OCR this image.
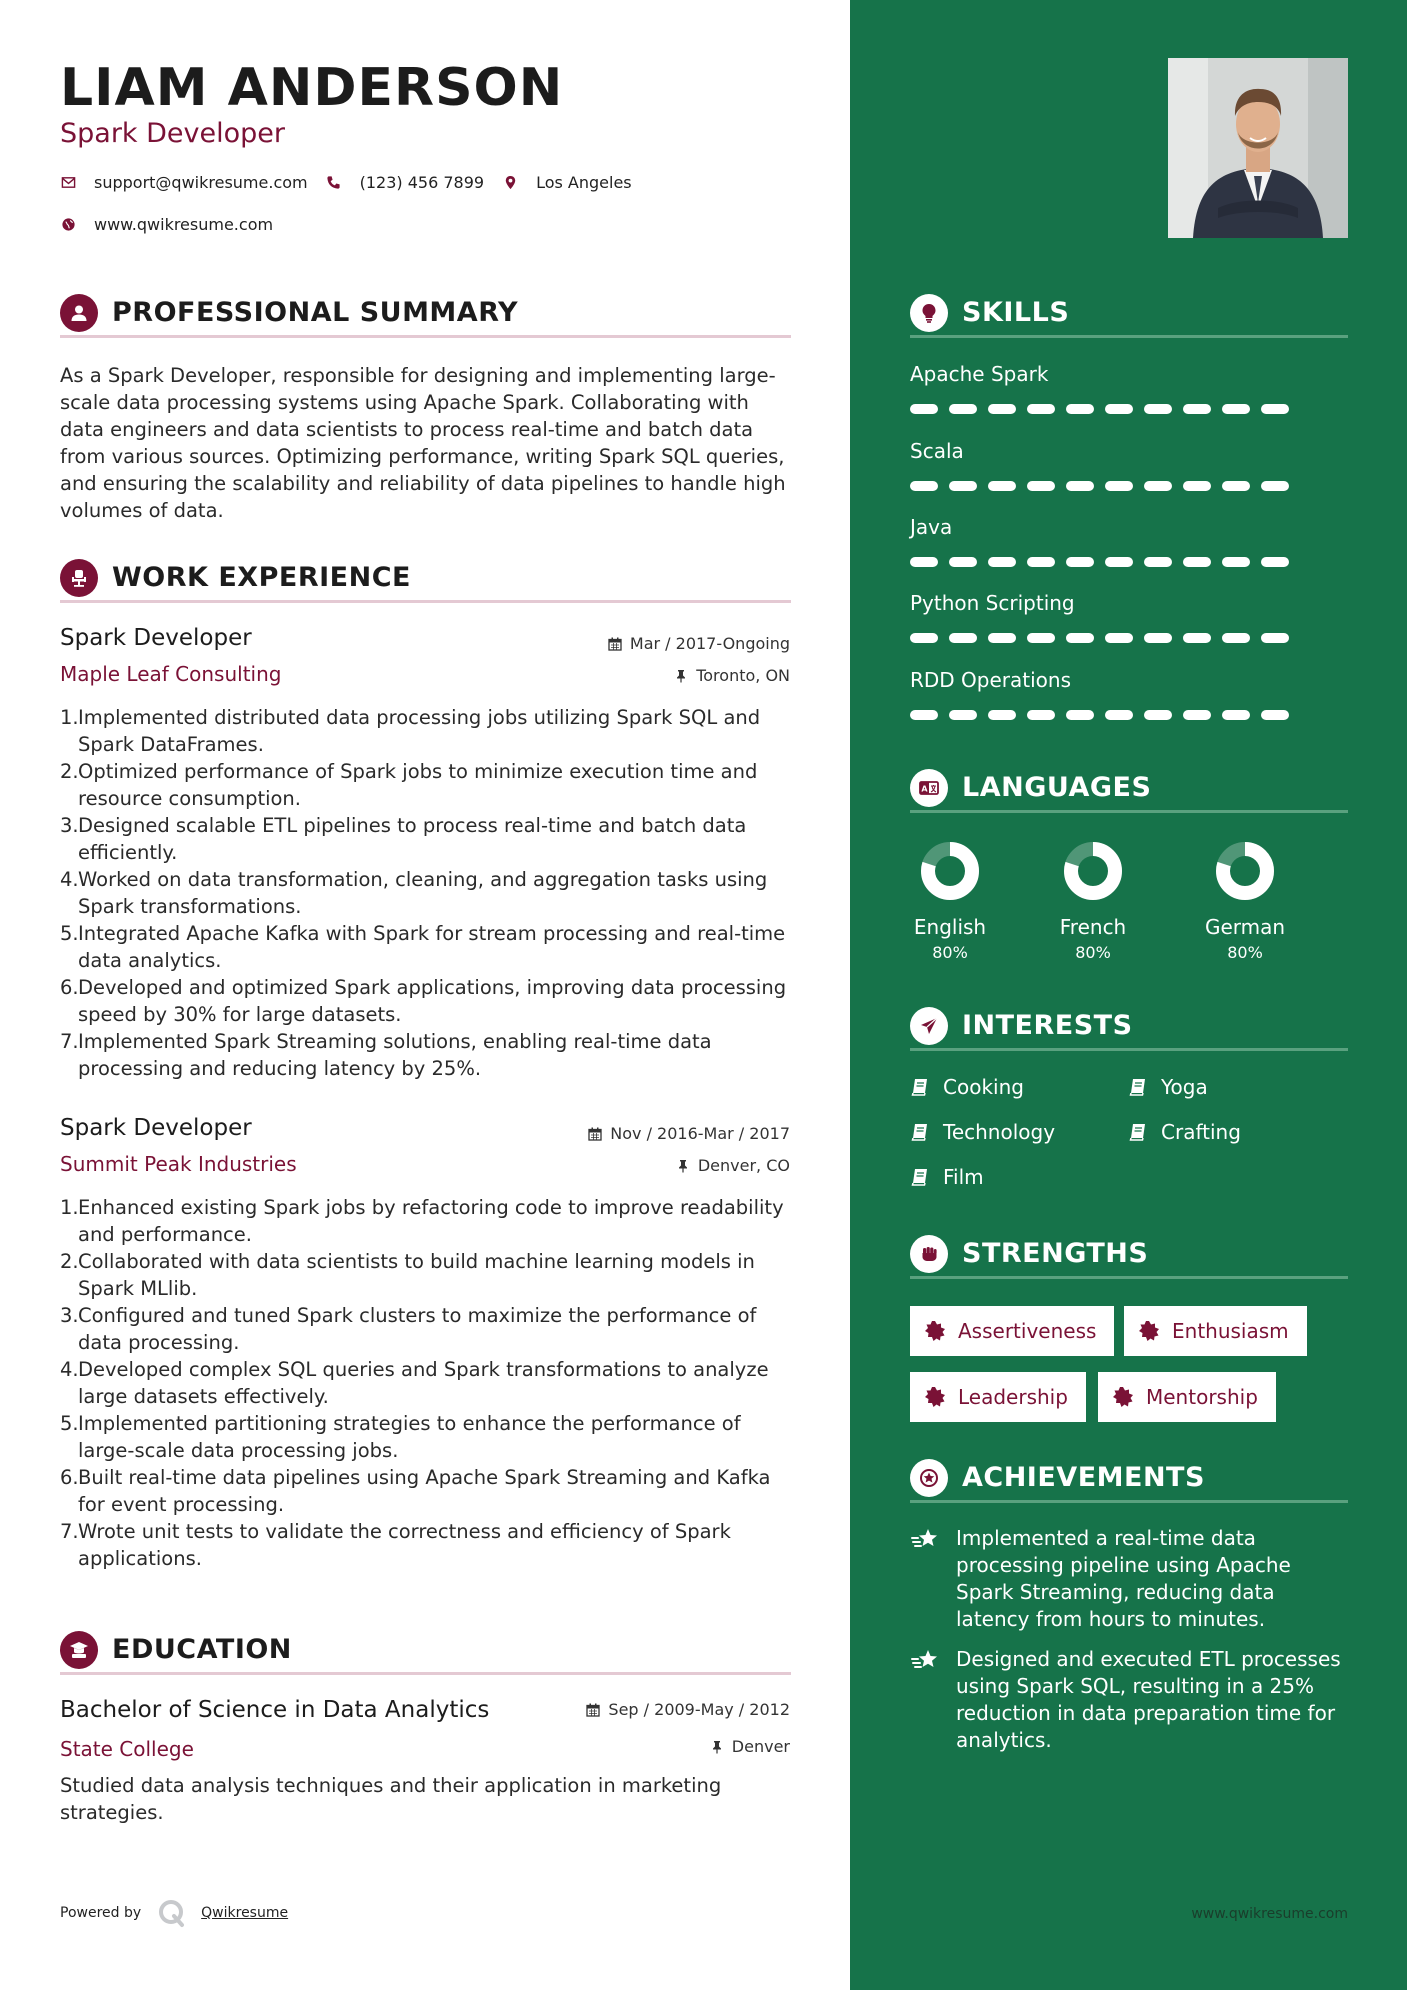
LIAM ANDERSON
Spark Developer
support@qwikresume.com	(123) 456 7899	Los Angeles
www.qwikresume.com
PROFESSIONAL SUMMARY
As a Spark Developer, responsible for designing and implementing large-scale data processing systems using Apache Spark. Collaborating with data engineers and data scientists to process real-time and batch data from various sources. Optimizing performance, writing Spark SQL queries, and ensuring the scalability and reliability of data pipelines to handle high volumes of data.
WORK EXPERIENCE
Spark Developer	Mar / 2017-Ongoing
Maple Leaf Consulting	Toronto, ON
1. Implemented distributed data processing jobs utilizing Spark SQL and Spark DataFrames.
2. Optimized performance of Spark jobs to minimize execution time and resource consumption.
3. Designed scalable ETL pipelines to process real-time and batch data efficiently.
4. Worked on data transformation, cleaning, and aggregation tasks using Spark transformations.
5. Integrated Apache Kafka with Spark for stream processing and real-time data analytics.
6. Developed and optimized Spark applications, improving data processing speed by 30% for large datasets.
7. Implemented Spark Streaming solutions, enabling real-time data processing and reducing latency by 25%.
Spark Developer	Nov / 2016-Mar / 2017
Summit Peak Industries	Denver, CO
1. Enhanced existing Spark jobs by refactoring code to improve readability and performance.
2. Collaborated with data scientists to build machine learning models in Spark MLlib.
3. Configured and tuned Spark clusters to maximize the performance of data processing.
4. Developed complex SQL queries and Spark transformations to analyze large datasets effectively.
5. Implemented partitioning strategies to enhance the performance of large-scale data processing jobs.
6. Built real-time data pipelines using Apache Spark Streaming and Kafka for event processing.
7. Wrote unit tests to validate the correctness and efficiency of Spark applications.
EDUCATION
Bachelor of Science in Data Analytics	Sep / 2009-May / 2012
State College	Denver
Studied data analysis techniques and their application in marketing strategies.
Powered by	Qwikresume
SKILLS
Apache Spark
Scala
Java
Python Scripting
RDD Operations
A LANGUAGES
English
80%
French
80%
German
80%
INTERESTS
Cooking	Yoga
Technology	Crafting
Film
STRENGTHS
Assertiveness	Enthusiasm
Leadership	Mentorship
ACHIEVEMENTS
Implemented a real-time data processing pipeline using Apache Spark Streaming, reducing data latency from hours to minutes.
Designed and executed ETL processes using Spark SQL, resulting in a 25% reduction in data preparation time for analytics.
www.qwikresume.com
